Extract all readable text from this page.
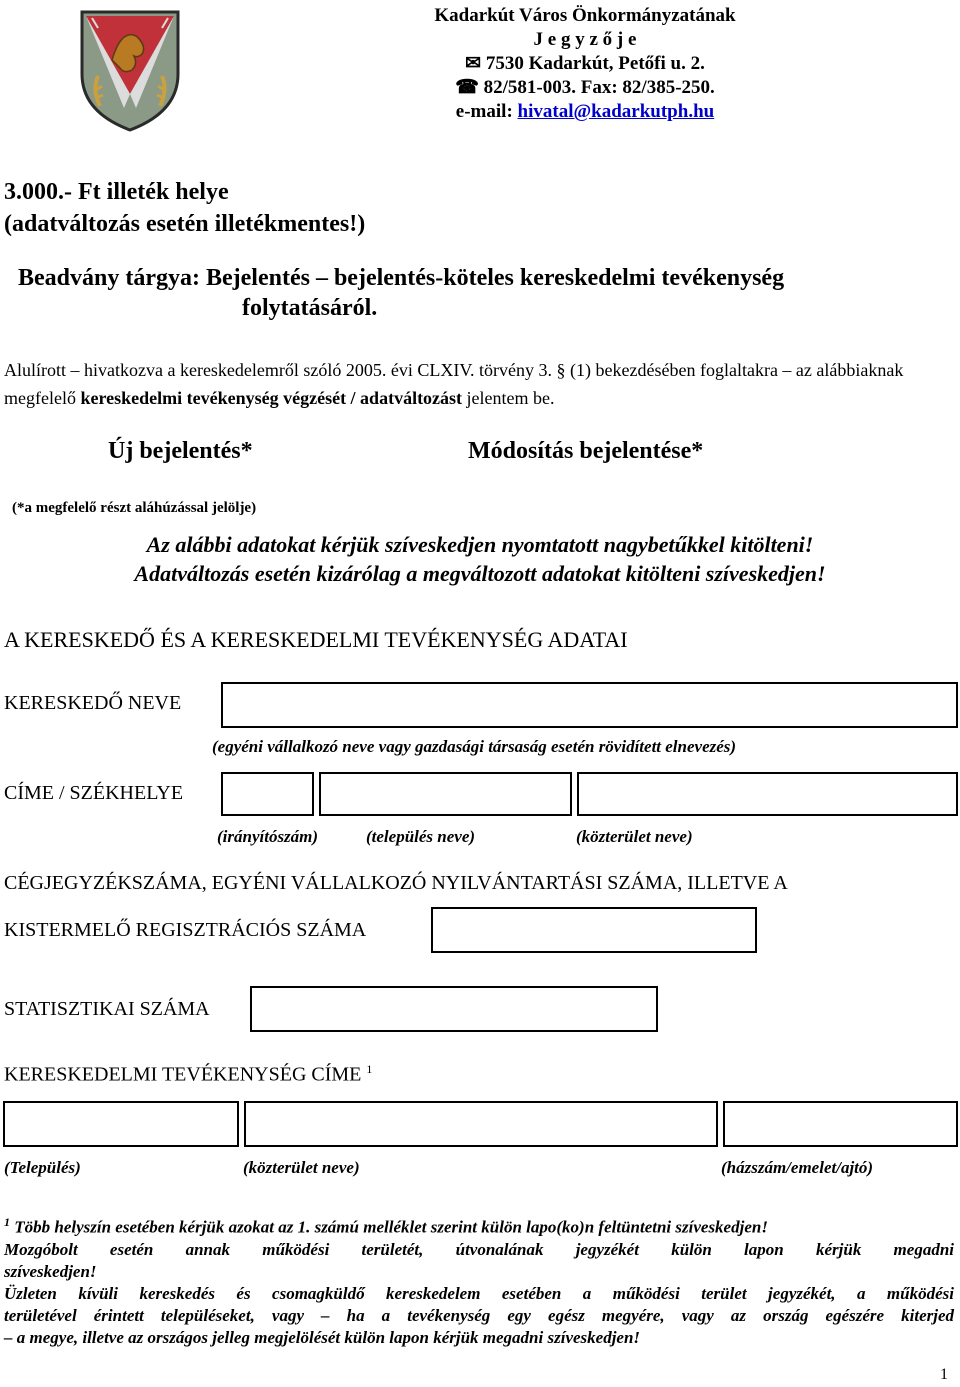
Kadarkút Város Önkormányzatának
J e g y z ő j e
✉ 7530 Kadarkút, Petőfi u. 2.
☎ 82/581-003. Fax: 82/385-250.
e-mail: hivatal@kadarkutph.hu
3.000.- Ft illeték helye
(adatváltozás esetén illetékmentes!)
Beadvány tárgya: Bejelentés – bejelentés-köteles kereskedelmi tevékenység
folytatásáról.
Alulírott – hivatkozva a kereskedelemről szóló 2005. évi CLXIV. törvény 3. § (1) bekezdésében foglaltakra – az alábbiaknak megfelelő kereskedelmi tevékenység végzését / adatváltozást jelentem be.
Új bejelentés*	Módosítás bejelentése*
(*a megfelelő részt aláhúzással jelölje)
Az alábbi adatokat kérjük szíveskedjen nyomtatott nagybetűkkel kitölteni!
Adatváltozás esetén kizárólag a megváltozott adatokat kitölteni szíveskedjen!
A KERESKEDŐ ÉS A KERESKEDELMI TEVÉKENYSÉG ADATAI
KERESKEDŐ NEVE
(egyéni vállalkozó neve vagy gazdasági társaság esetén rövidített elnevezés)
CÍME / SZÉKHELYE
(irányítószám)	(település neve)	(közterület neve)
CÉGJEGYZÉKSZÁMA, EGYÉNI VÁLLALKOZÓ NYILVÁNTARTÁSI SZÁMA, ILLETVE A
KISTERMELŐ REGISZTRÁCIÓS SZÁMA
STATISZTIKAI SZÁMA
KERESKEDELMI TEVÉKENYSÉG CÍME $^1$
(Település)	(közterület neve)	(házszám/emelet/ajtó)
$^1$ Több helyszín esetében kérjük azokat az 1. számú melléklet szerint külön lapo(ko)n feltüntetni szíveskedjen!
Mozgóbolt esetén annak működési területét, útvonalának jegyzékét külön lapon kérjük megadni
szíveskedjen!
Üzleten kívüli kereskedés és csomagküldő kereskedelem esetében a működési terület jegyzékét, a működési
területével érintett településeket, vagy – ha a tevékenység egy egész megyére, vagy az ország egészére kiterjed
– a megye, illetve az országos jelleg megjelölését külön lapon kérjük megadni szíveskedjen!
1
